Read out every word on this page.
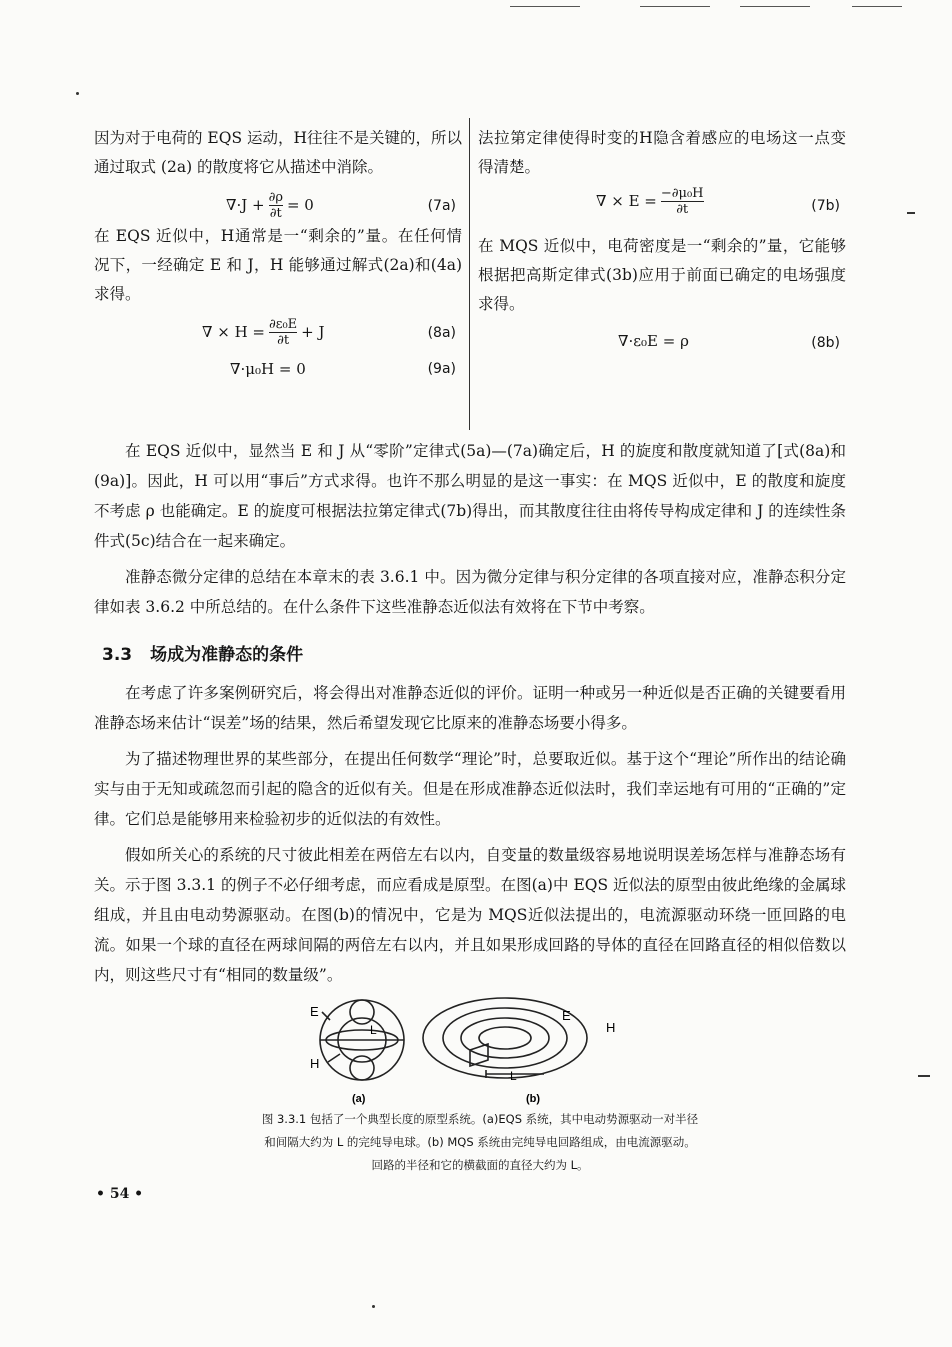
因为对于电荷的 EQS 运动，H往往不是关键的，所以通过取式 (2a) 的散度将它从描述中消除。

$\nabla\cdot J + \frac{\partial\rho}{\partial t} = 0$	(7a)

在 EQS 近似中，H通常是一“剩余的”量。在任何情况下，一经确定 E 和 J，H 能够通过解式(2a)和(4a)求得。

∇ × $H = \frac{\text{∂ε₀E}}{\partial t} + J$	(8a)
∇·μ₀H = 0	(9a)

法拉第定律使得时变的H隐含着感应的电场这一点变得清楚。

∇ × $E = \frac{\text{−∂μ₀H}}{\partial t}$	(7b)

在 MQS 近似中，电荷密度是一“剩余的”量，它能够根据把高斯定律式(3b)应用于前面已确定的电场强度求得。

∇·ε₀E = ρ	(8b)

在 EQS 近似中，显然当 E 和 J 从“零阶”定律式(5a)—(7a)确定后，H 的旋度和散度就知道了[式(8a)和(9a)]。因此，H 可以用“事后”方式求得。也许不那么明显的是这一事实：在 MQS 近似中，E 的散度和旋度不考虑 ρ 也能确定。E 的旋度可根据法拉第定律式(7b)得出，而其散度往往由将传导构成定律和 J 的连续性条件式(5c)结合在一起来确定。

准静态微分定律的总结在本章末的表 3.6.1 中。因为微分定律与积分定律的各项直接对应，准静态积分定律如表 3.6.2 中所总结的。在什么条件下这些准静态近似法有效将在下节中考察。

3.3 场成为准静态的条件

在考虑了许多案例研究后，将会得出对准静态近似的评价。证明一种或另一种近似是否正确的关键要看用准静态场来估计“误差”场的结果，然后希望发现它比原来的准静态场要小得多。

为了描述物理世界的某些部分，在提出任何数学“理论”时，总要取近似。基于这个“理论”所作出的结论确实与由于无知或疏忽而引起的隐含的近似有关。但是在形成准静态近似法时，我们幸运地有可用的“正确的”定律。它们总是能够用来检验初步的近似法的有效性。

假如所关心的系统的尺寸彼此相差在两倍左右以内，自变量的数量级容易地说明误差场怎样与准静态场有关。示于图 3.3.1 的例子不必仔细考虑，而应看成是原型。在图(a)中 EQS 近似法的原型由彼此绝缘的金属球组成，并且由电动势源驱动。在图(b)的情况中，它是为 MQS近似法提出的，电流源驱动环绕一匝回路的电流。如果一个球的直径在两球间隔的两倍左右以内，并且如果形成回路的导体的直径在回路直径的相似倍数以内，则这些尺寸有“相同的数量级”。

E
H
L
(a)
E
H
L
(b)
图 3.3.1 包括了一个典型长度的原型系统。(a)EQS 系统，其中电动势源驱动一对半径
和间隔大约为 L 的完纯导电球。(b) MQS 系统由完纯导电回路组成，由电流源驱动。
回路的半径和它的横截面的直径大约为 L。
• 54 •
